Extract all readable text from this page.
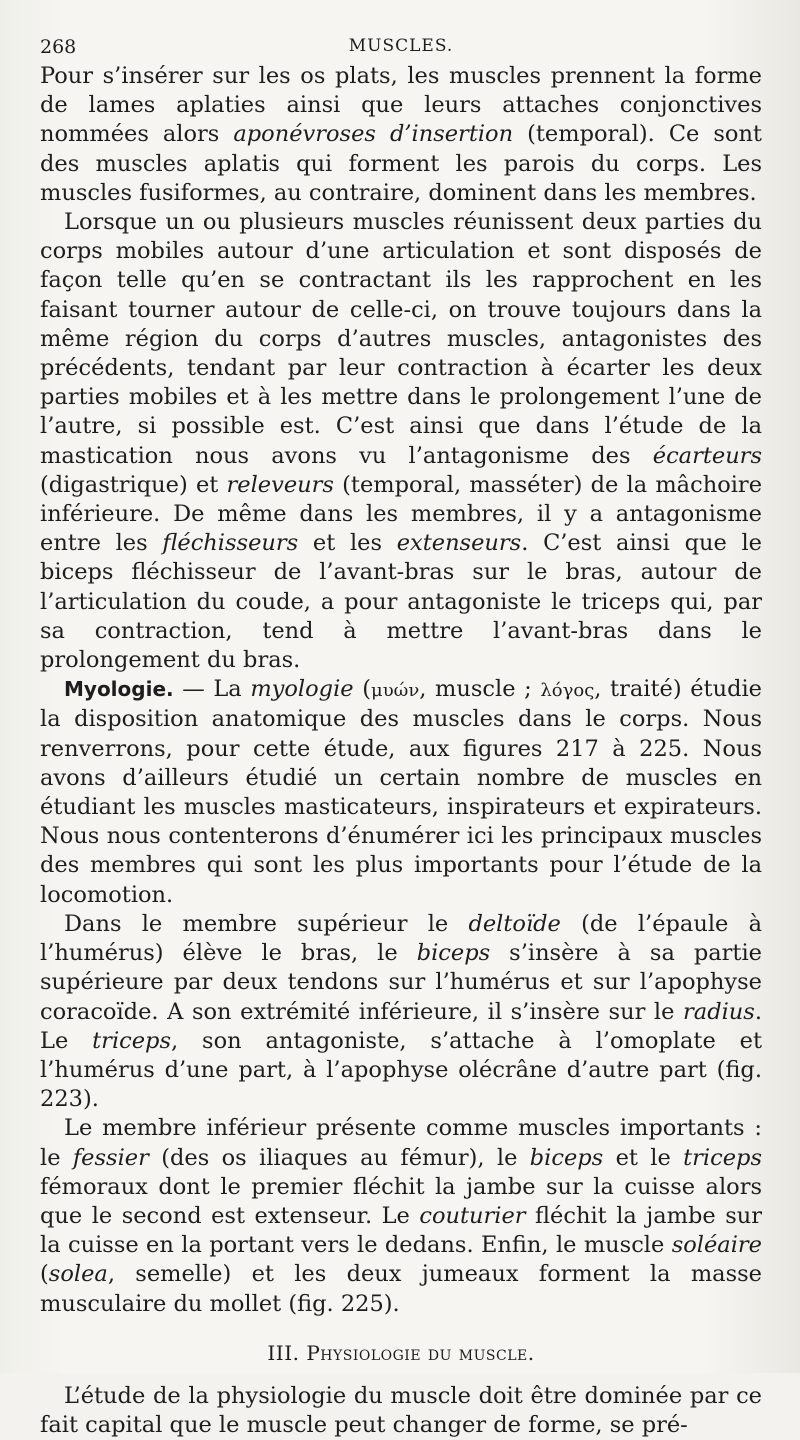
268	MUSCLES.

Pour s’insérer sur les os plats, les muscles prennent la forme de lames aplaties ainsi que leurs attaches conjonctives nommées alors aponévroses d’insertion (temporal). Ce sont des muscles aplatis qui forment les parois du corps. Les muscles fusiformes, au contraire, dominent dans les membres.

Lorsque un ou plusieurs muscles réunissent deux parties du corps mobiles autour d’une articulation et sont disposés de façon telle qu’en se contractant ils les rapprochent en les faisant tourner autour de celle-ci, on trouve toujours dans la même région du corps d’autres muscles, antagonistes des précédents, tendant par leur contraction à écarter les deux parties mobiles et à les mettre dans le prolongement l’une de l’autre, si possible est. C’est ainsi que dans l’étude de la mastication nous avons vu l’antagonisme des écarteurs (digastrique) et releveurs (temporal, masséter) de la mâchoire inférieure. De même dans les membres, il y a antagonisme entre les fléchisseurs et les extenseurs. C’est ainsi que le biceps fléchisseur de l’avant-bras sur le bras, autour de l’articulation du coude, a pour antagoniste le triceps qui, par sa contraction, tend à mettre l’avant-bras dans le prolongement du bras.

Myologie. — La myologie (μυών, muscle ; λόγος, traité) étudie la disposition anatomique des muscles dans le corps. Nous renverrons, pour cette étude, aux figures 217 à 225. Nous avons d’ailleurs étudié un certain nombre de muscles en étudiant les muscles masticateurs, inspirateurs et expirateurs. Nous nous contenterons d’énumérer ici les principaux muscles des membres qui sont les plus importants pour l’étude de la locomotion.

Dans le membre supérieur le deltoïde (de l’épaule à l’humérus) élève le bras, le biceps s’insère à sa partie supérieure par deux tendons sur l’humérus et sur l’apophyse coracoïde. A son extrémité inférieure, il s’insère sur le radius. Le triceps, son antagoniste, s’attache à l’omoplate et l’humérus d’une part, à l’apophyse olécrâne d’autre part (fig. 223).

Le membre inférieur présente comme muscles importants : le fessier (des os iliaques au fémur), le biceps et le triceps fémoraux dont le premier fléchit la jambe sur la cuisse alors que le second est extenseur. Le couturier fléchit la jambe sur la cuisse en la portant vers le dedans. Enfin, le muscle soléaire (solea, semelle) et les deux jumeaux forment la masse musculaire du mollet (fig. 225).

III. Physiologie du muscle.

L’étude de la physiologie du muscle doit être dominée par ce fait capital que le muscle peut changer de forme, se pré-
